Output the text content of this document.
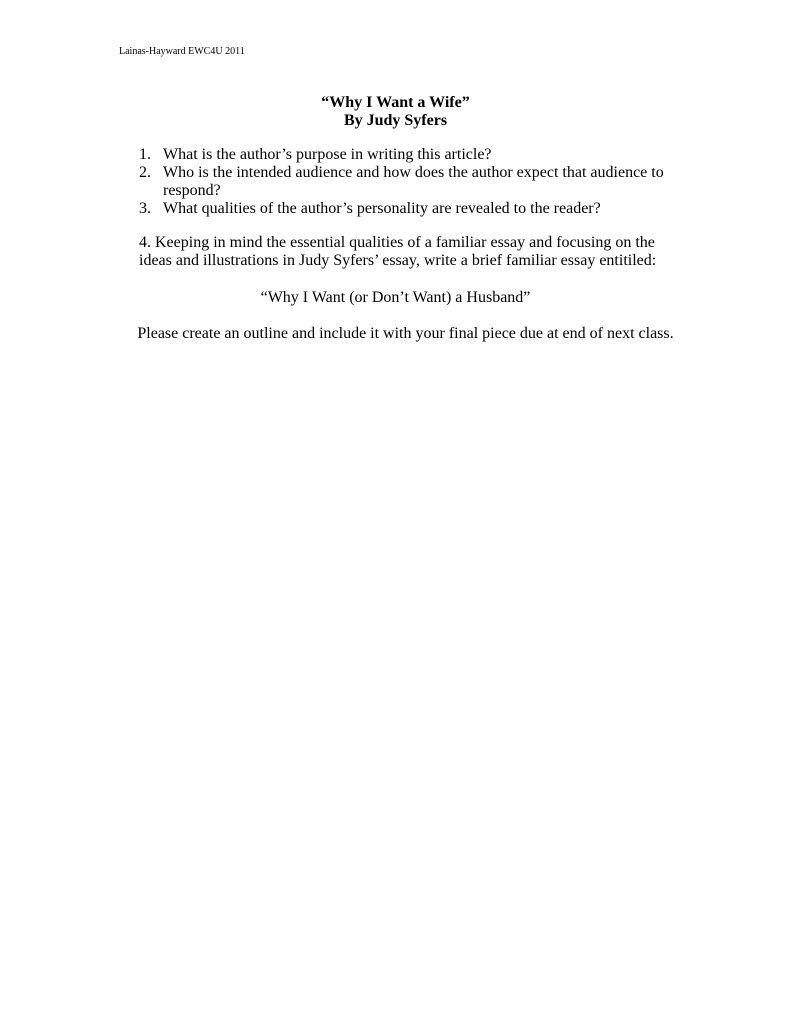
Lainas-Hayward EWC4U 2011
“Why I Want a Wife”
By Judy Syfers
1. What is the author’s purpose in writing this article?
2. Who is the intended audience and how does the author expect that audience to respond?
3. What qualities of the author’s personality are revealed to the reader?
4. Keeping in mind the essential qualities of a familiar essay and focusing on the ideas and illustrations in Judy Syfers’ essay, write a brief familiar essay entitiled:
“Why I Want (or Don’t Want) a Husband”
Please create an outline and include it with your final piece due at end of next class.
